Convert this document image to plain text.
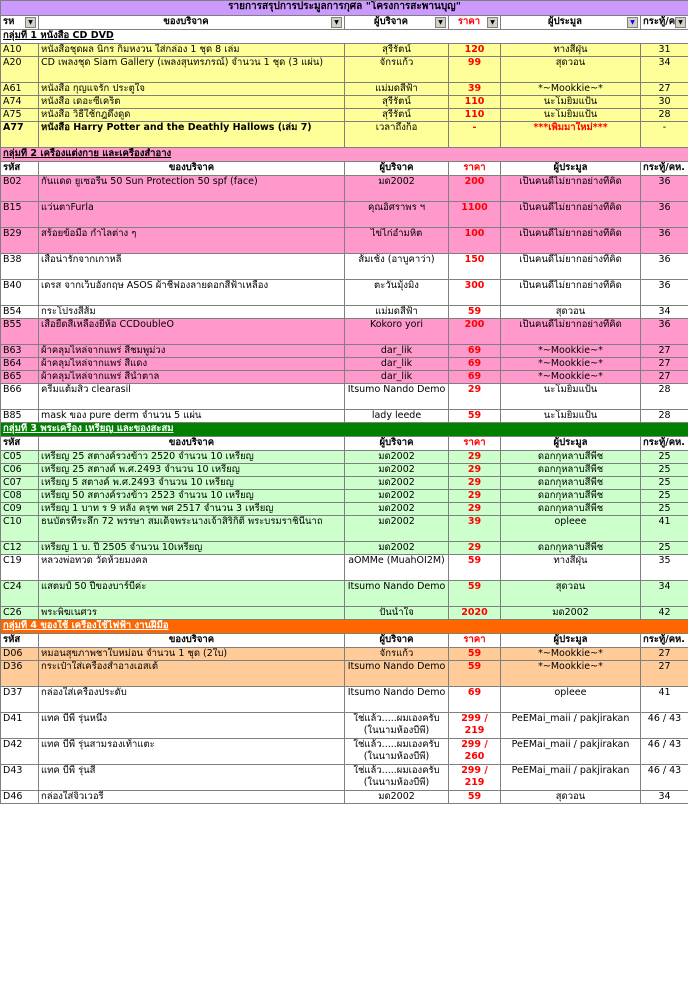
รายการสรุปการประมูลการกุศล "โครงการสะพานบุญ"					
รห ▼	ของบริจาค ▼	ผู้บริจาค ▼	ราคา ▼	ผู้ประมูล ▼	กระทู้/ค ▼

กลุ่มที่ 1 หนังสือ CD DVD					
A10	หนังสือชุดผล นิกร กิมหงวน ใส่กล่อง 1 ชุด 8 เล่ม	สุรีรัตน์	120	ทางสีฝุ่น	31
A20	CD เพลงชุด Siam Gallery (เพลงสุนทรภรณ์) จำนวน 1 ชุด (3 แผ่น)	จักรแก้ว	99	สุดวอน	34
A61	หนังสือ กุญแจรัก ประตูใจ	แม่มดสีฟ้า	39	*~Mookkie~*	27
A74	หนังสือ เดอะซีเคร็ต	สุรีรัตน์	110	นะโมยิ้มแป้น	30
A75	หนังสือ วิธีใช้กฎดึงดูด	สุรีรัตน์	110	นะโมยิ้มแป้น	28
A77	หนังสือ Harry Potter and the Deathly Hallows (เล่ม 7)	เวลาถึงก็อ	-	***เพิ่มมาใหม่***	-
กลุ่มที่ 2 เครื่องแต่งกาย และเครื่องสำอาง					
รหัส	ของบริจาค	ผู้บริจาค	ราคา	ผู้ประมูล	กระทู้/คห.
B02	กันแดด ยูเซอรีน 50 Sun Protection 50 spf (face)	มด2002	200	เป็นคนดีไม่ยากอย่างที่คิด	36
B15	แว่นตาFurla	คุณอิศราพร ฯ	1100	เป็นคนดีไม่ยากอย่างที่คิด	36
B29	สร้อยข้อมือ กำไลต่าง ๆ	ไข่ไก่อำมหิต	100	เป็นคนดีไม่ยากอย่างที่คิด	36
B38	เสื้อน่ารักจากเกาหลี	ส้มเช้ง (อาบูคาว่า)	150	เป็นคนดีไม่ยากอย่างที่คิด	36
B40	เดรส จากเว็บอังกฤษ ASOS ผ้าชีฟองลายดอกสีฟ้าเหลือง	ตะวันมุ้งมิ้ง	300	เป็นคนดีไม่ยากอย่างที่คิด	36
B54	กระโปรงสีส้ม	แม่มดสีฟ้า	59	สุดวอน	34
B55	เสื้อยืดสีเหลืองยี่ห้อ CCDoubleO	Kokoro yori	200	เป็นคนดีไม่ยากอย่างที่คิด	36
B63	ผ้าคลุมไหล่จากแพร่ สีชมพูม่วง	dar_lik	69	*~Mookkie~*	27
B64	ผ้าคลุมไหล่จากแพร่ สีแดง	dar_lik	69	*~Mookkie~*	27
B65	ผ้าคลุมไหล่จากแพร่ สีน้ำตาล	dar_lik	69	*~Mookkie~*	27
B66	ครีมแต้มสิว clearasil	Itsumo Nando Demo	29	นะโมยิ้มแป้น	28
B85	mask ของ pure derm จำนวน 5 แผ่น	lady leede	59	นะโมยิ้มแป้น	28
กลุ่มที่ 3 พระเครื่อง เหรียญ และของสะสม					
รหัส	ของบริจาค	ผู้บริจาค	ราคา	ผู้ประมูล	กระทู้/คห.
C05	เหรียญ 25 สตางค์รวงข้าว 2520 จำนวน 10 เหรียญ	มด2002	29	ดอกกุหลาบสีพีช	25
C06	เหรียญ 25 สตางค์ พ.ศ.2493 จำนวน 10 เหรียญ	มด2002	29	ดอกกุหลาบสีพีช	25
C07	เหรียญ 5 สตางค์ พ.ศ.2493 จำนวน 10 เหรียญ	มด2002	29	ดอกกุหลาบสีพีช	25
C08	เหรียญ 50 สตางค์รวงข้าว 2523 จำนวน 10 เหรียญ	มด2002	29	ดอกกุหลาบสีพีช	25
C09	เหรียญ 1 บาท ร 9 หลัง ครุฑ พศ 2517 จำนวน 3 เหรียญ	มด2002	29	ดอกกุหลาบสีพีช	25
C10	ธนบัตรที่ระลึก 72 พรรษา สมเด็จพระนางเจ้าสิริกิติ์ พระบรมราชินีนาถ	มด2002	39	opleee	41
C12	เหรียญ 1 บ. ปี 2505 จำนวน 10เหรียญ	มด2002	29	ดอกกุหลาบสีพีช	25
C19	หลวงพ่อทวด วัดห้วยมงคล	aOMMe (MuahOI2M)	59	ทางสีฝุ่น	35
C24	แสตมป์ 50 ปีของบาร์บี้ค่ะ	Itsumo Nando Demo	59	สุดวอน	34
C26	พระพิฆเนศวร	ปั้นน้ำใจ	2020	มด2002	42
กลุ่มที่ 4 ของใช้ เครื่องใช้ไฟฟ้า งานฝีมือ					
รหัส	ของบริจาค	ผู้บริจาค	ราคา	ผู้ประมูล	กระทู้/คห.
D06	หมอนสุขภาพชาใบหม่อน จำนวน 1 ชุด (2ใบ)	จักรแก้ว	59	*~Mookkie~*	27
D36	กระเป๋าใส่เครื่องสำอางเอสเต้	Itsumo Nando Demo	59	*~Mookkie~*	27
D37	กล่องใส่เครื่องประดับ	Itsumo Nando Demo	69	opleee	41
D41	แทค บีพี รุ่นหนึ่ง	ใช่แล้ว.....ผมเองครับ (ในนามห้องบีพี)	299 / 219	PeEMai_maii / pakjirakan	46 / 43
D42	แทค บีพี รุ่นสามรองเท้าแตะ	ใช่แล้ว.....ผมเองครับ (ในนามห้องบีพี)	299 / 260	PeEMai_maii / pakjirakan	46 / 43
D43	แทค บีพี รุ่นสี่	ใช่แล้ว.....ผมเองครับ (ในนามห้องบีพี)	299 / 219	PeEMai_maii / pakjirakan	46 / 43
D46	กล่องใส่จิวเวอรี่	มด2002	59	สุดวอน	34
